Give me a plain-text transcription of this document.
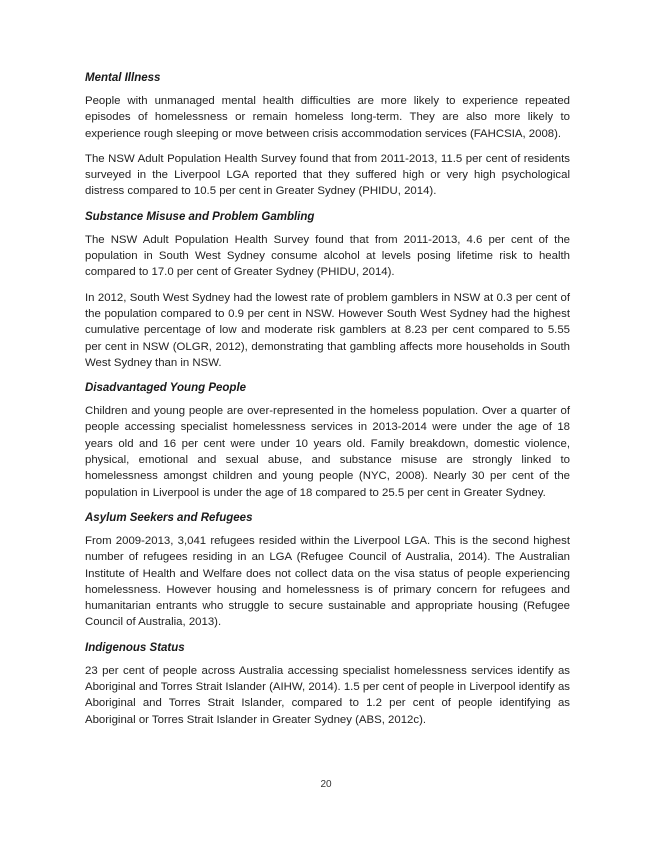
Mental Illness

People with unmanaged mental health difficulties are more likely to experience repeated episodes of homelessness or remain homeless long-term. They are also more likely to experience rough sleeping or move between crisis accommodation services (FAHCSIA, 2008).

The NSW Adult Population Health Survey found that from 2011-2013, 11.5 per cent of residents surveyed in the Liverpool LGA reported that they suffered high or very high psychological distress compared to 10.5 per cent in Greater Sydney (PHIDU, 2014).

Substance Misuse and Problem Gambling

The NSW Adult Population Health Survey found that from 2011-2013, 4.6 per cent of the population in South West Sydney consume alcohol at levels posing lifetime risk to health compared to 17.0 per cent of Greater Sydney (PHIDU, 2014).

In 2012, South West Sydney had the lowest rate of problem gamblers in NSW at 0.3 per cent of the population compared to 0.9 per cent in NSW. However South West Sydney had the highest cumulative percentage of low and moderate risk gamblers at 8.23 per cent compared to 5.55 per cent in NSW (OLGR, 2012), demonstrating that gambling affects more households in South West Sydney than in NSW.

Disadvantaged Young People

Children and young people are over-represented in the homeless population. Over a quarter of people accessing specialist homelessness services in 2013-2014 were under the age of 18 years old and 16 per cent were under 10 years old. Family breakdown, domestic violence, physical, emotional and sexual abuse, and substance misuse are strongly linked to homelessness amongst children and young people (NYC, 2008). Nearly 30 per cent of the population in Liverpool is under the age of 18 compared to 25.5 per cent in Greater Sydney.

Asylum Seekers and Refugees

From 2009-2013, 3,041 refugees resided within the Liverpool LGA. This is the second highest number of refugees residing in an LGA (Refugee Council of Australia, 2014). The Australian Institute of Health and Welfare does not collect data on the visa status of people experiencing homelessness. However housing and homelessness is of primary concern for refugees and humanitarian entrants who struggle to secure sustainable and appropriate housing (Refugee Council of Australia, 2013).

Indigenous Status

23 per cent of people across Australia accessing specialist homelessness services identify as Aboriginal and Torres Strait Islander (AIHW, 2014). 1.5 per cent of people in Liverpool identify as Aboriginal and Torres Strait Islander, compared to 1.2 per cent of people identifying as Aboriginal or Torres Strait Islander in Greater Sydney (ABS, 2012c).

20
